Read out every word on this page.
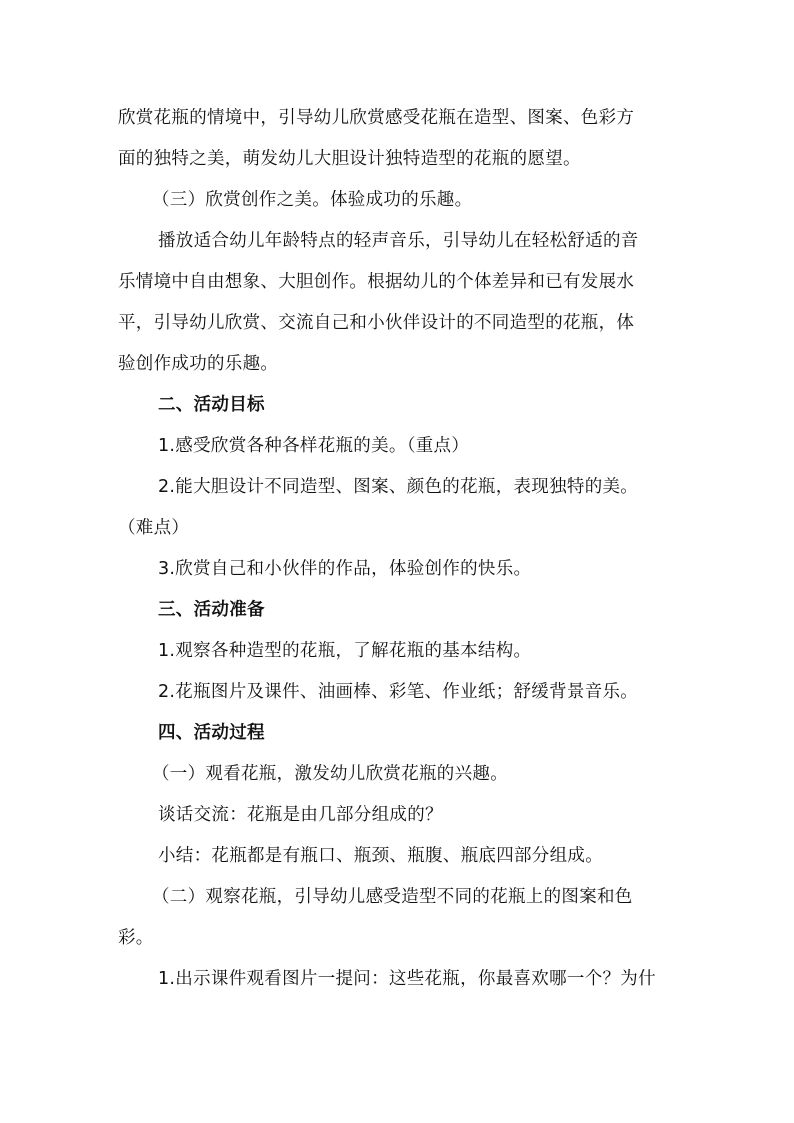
欣赏花瓶的情境中，引导幼儿欣赏感受花瓶在造型、图案、色彩方
面的独特之美，萌发幼儿大胆设计独特造型的花瓶的愿望。
（三）欣赏创作之美。体验成功的乐趣。
播放适合幼儿年龄特点的轻声音乐，引导幼儿在轻松舒适的音
乐情境中自由想象、大胆创作。根据幼儿的个体差异和已有发展水
平，引导幼儿欣赏、交流自己和小伙伴设计的不同造型的花瓶，体
验创作成功的乐趣。
二、活动目标
1.感受欣赏各种各样花瓶的美。（重点）
2.能大胆设计不同造型、图案、颜色的花瓶，表现独特的美。
（难点）
3.欣赏自己和小伙伴的作品，体验创作的快乐。
三、活动准备
1.观察各种造型的花瓶，了解花瓶的基本结构。
2.花瓶图片及课件、油画棒、彩笔、作业纸；舒缓背景音乐。
四、活动过程
（一）观看花瓶，激发幼儿欣赏花瓶的兴趣。
谈话交流：花瓶是由几部分组成的？
小结：花瓶都是有瓶口、瓶颈、瓶腹、瓶底四部分组成。
（二）观察花瓶，引导幼儿感受造型不同的花瓶上的图案和色
彩。
1.出示课件观看图片一提问：这些花瓶，你最喜欢哪一个？为什
